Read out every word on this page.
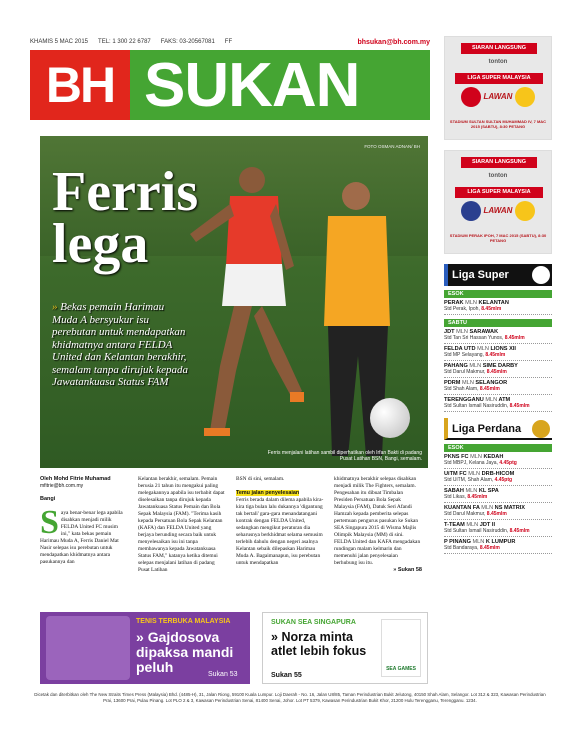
KHAMIS 5 MAC 2015 TEL: 1 300 22 6787 FAKS: 03-20567081 FF	bhsukan@bh.com.my
BH SUKAN
FOTO OSMAN ADNAN/ BH
Ferris
lega
» Bekas pemain Harimau Muda A bersyukur isu perebutan untuk mendapatkan khidmatnya antara FELDA United dan Kelantan berakhir, semalam tanpa dirujuk kepada Jawatankuasa Status FAM
Ferris menjalani latihan sambil diperhatikan oleh Irfan Bakti di padang Pusat Latihan BSN, Bangi, semalam.
Oleh Mohd Fitrie Muhamad
mfitrie@bh.com.my
Bangi
S aya benar-benar lega apabila disahkan menjadi milik FELDA United FC musim ini," kata bekas pemain Harimau Muda A, Ferris Daniel Mat Nasir selepas isu perebutan untuk mendapatkan khidmatnya antara pasukannya dan
Kelantan berakhir, semalam. Pemain berusia 21 tahun itu mengakui paling melegakannya apabila isu terbabit dapat diselesaikan tanpa dirujuk kepada Jawatankuasa Status Pemain dan Bola Sepak Malaysia (FAM). "Terima kasih kepada Persatuan Bola Sepak Kelantan (KAFA) dan FELDA United yang berjaya berunding secara baik untuk menyelesaikan isu ini tanpa membawanya kepada Jawatankuasa Status FAM," katanya ketika ditemui selepas menjalani latihan di padang Pusat Latihan
BSN di sini, semalam.

Temu jalan penyelesaian
Ferris berada dalam dilema apabila kira-kira tiga bulan lalu dukannya 'digantung tak bertali' gara-gara menandatangani kontrak dengan FELDA United, sedangkan mengikut peraturan dia seharusnya berkhidmat selama semusim terlebih dahulu dengan negeri asalnya Kelantan sebaik dilepaskan Harimau Muda A. Bagaimanapun, isu perebutan untuk mendapatkan
khidmatnya berakhir selepas disahkan menjadi milik The Fighters, semalam. Pengesahan itu dibuat Timbalan Presiden Persatuan Bola Sepak Malaysia (FAM), Datuk Seri Afandi Hamzah kepada pemberita selepas pertemuan pengurus pasukan ke Sukan SEA Singapura 2015 di Wisma Majlis Olimpik Malaysia (MM) di sini. FELDA United dan KAFA mengadakan rundingan malam kelmarin dan memenuhi jalan penyelesaian berhubung isu itu.
» Sukan 58
TENIS TERBUKA MALAYSIA
» Gajdosova dipaksa mandi peluh	Sukan 53
SUKAN SEA SINGAPURA
» Norza minta atlet lebih fokus
Sukan 55
SEA GAMES
Dicetak dan diterbitkan oleh The New Straits Times Press (Malaysia) Bhd. (4485-H), 31, Jalan Riong, 59100 Kuala Lumpur. Loji Daerah - No. 16, Jalan U8/85, Taman Perindustrian Bukit Jelutong, 40150 Shah Alam, Selangor. Lot 312 & 323, Kawasan Perindustrian Prai, 13600 Prai, Pulau Pinang. Lot PLO 2 & 3, Kawasan Perindustrian Senai, 81400 Senai, Johor. Lot PT 5379, Kawasan Perindustrian Bukit Khor, 21200 Hulu Terengganu, Terengganu. 1234.
SIARAN LANGSUNG
tonton
LIGA SUPER MALAYSIA
LAWAN
STADIUM SULTAN SULTAN MUHAMMAD IV, 7 MAC 2015 (SABTU), 8:30 PETANG
SIARAN LANGSUNG
tonton
LIGA SUPER MALAYSIA
LAWAN
STADIUM PERAK IPOH, 7 MAC 2015 (SABTU), 8:30 PETANG
Liga Super
ESOK
PERAK MLN KELANTAN
Std Perak, Ipoh, 8.45mlm
SABTU
JDT MLN SARAWAK
Std Tan Sri Hassan Yunos, 8.45mlm
FELDA UTD MLN LIONS XII
Std MP Selayang, 8.45mlm
PAHANG MLN SIME DARBY
Std Darul Makmur, 8.45mlm
PDRM MLN SELANGOR
Std Shah Alam, 8.45mlm
TERENGGANU MLN ATM
Std Sultan Ismail Nasiruddin, 8.45mlm
Liga Perdana
ESOK
PKNS FC MLN KEDAH
Std MBPJ, Kelana Jaya, 4.45ptg
UiTM FC MLN DRB-HICOM
Std UiTM, Shah Alam, 4.45ptg
SABAH MLN KL SPA
Std Likas, 8.45mlm
KUANTAN FA MLN NS MATRIX
Std Darul Makmur, 8.45mlm
T-TEAM MLN JDT II
Std Sultan Ismail Nasiruddin, 8.45mlm
P PINANG MLN K LUMPUR
Std Bandaraya, 8.45mlm
